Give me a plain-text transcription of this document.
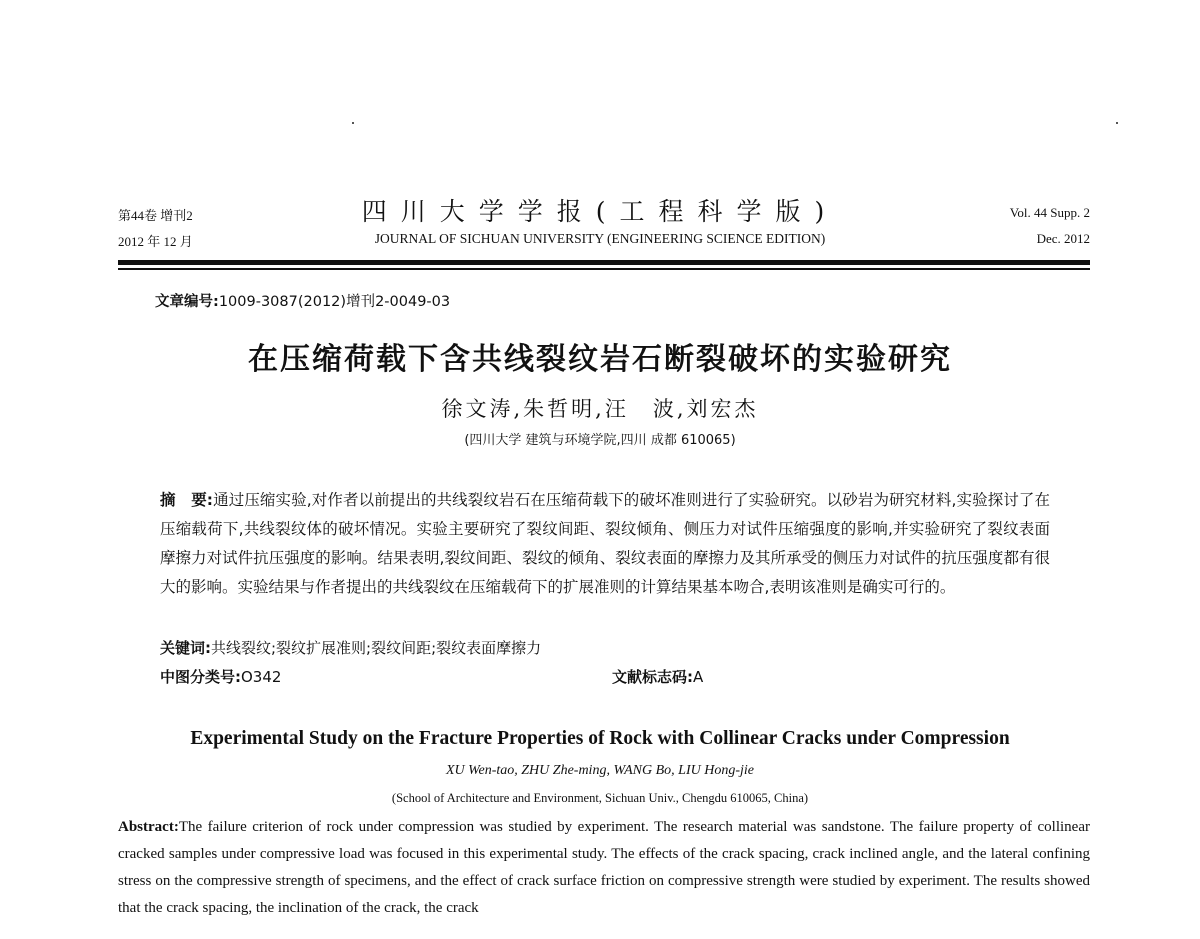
第44卷 增刊2
2012 年 12 月
四川大学学报(工程科学版)
JOURNAL OF SICHUAN UNIVERSITY (ENGINEERING SCIENCE EDITION)
Vol. 44 Supp. 2
Dec. 2012
文章编号:1009-3087(2012)增刊2-0049-03
在压缩荷载下含共线裂纹岩石断裂破坏的实验研究
徐文涛,朱哲明,汪　波,刘宏杰
(四川大学 建筑与环境学院,四川 成都 610065)
摘　要:通过压缩实验,对作者以前提出的共线裂纹岩石在压缩荷载下的破坏准则进行了实验研究。以砂岩为研究材料,实验探讨了在压缩载荷下,共线裂纹体的破坏情况。实验主要研究了裂纹间距、裂纹倾角、侧压力对试件压缩强度的影响,并实验研究了裂纹表面摩擦力对试件抗压强度的影响。结果表明,裂纹间距、裂纹的倾角、裂纹表面的摩擦力及其所承受的侧压力对试件的抗压强度都有很大的影响。实验结果与作者提出的共线裂纹在压缩载荷下的扩展准则的计算结果基本吻合,表明该准则是确实可行的。
关键词:共线裂纹;裂纹扩展准则;裂纹间距;裂纹表面摩擦力
中图分类号:O342	文献标志码:A
Experimental Study on the Fracture Properties of Rock with Collinear Cracks under Compression
XU Wen-tao, ZHU Zhe-ming, WANG Bo, LIU Hong-jie
(School of Architecture and Environment, Sichuan Univ., Chengdu 610065, China)
Abstract:The failure criterion of rock under compression was studied by experiment. The research material was sandstone. The failure property of collinear cracked samples under compressive load was focused in this experimental study. The effects of the crack spacing, crack inclined angle, and the lateral confining stress on the compressive strength of specimens, and the effect of crack surface friction on compressive strength were studied by experiment. The results showed that the crack spacing, the inclination of the crack, the crack
